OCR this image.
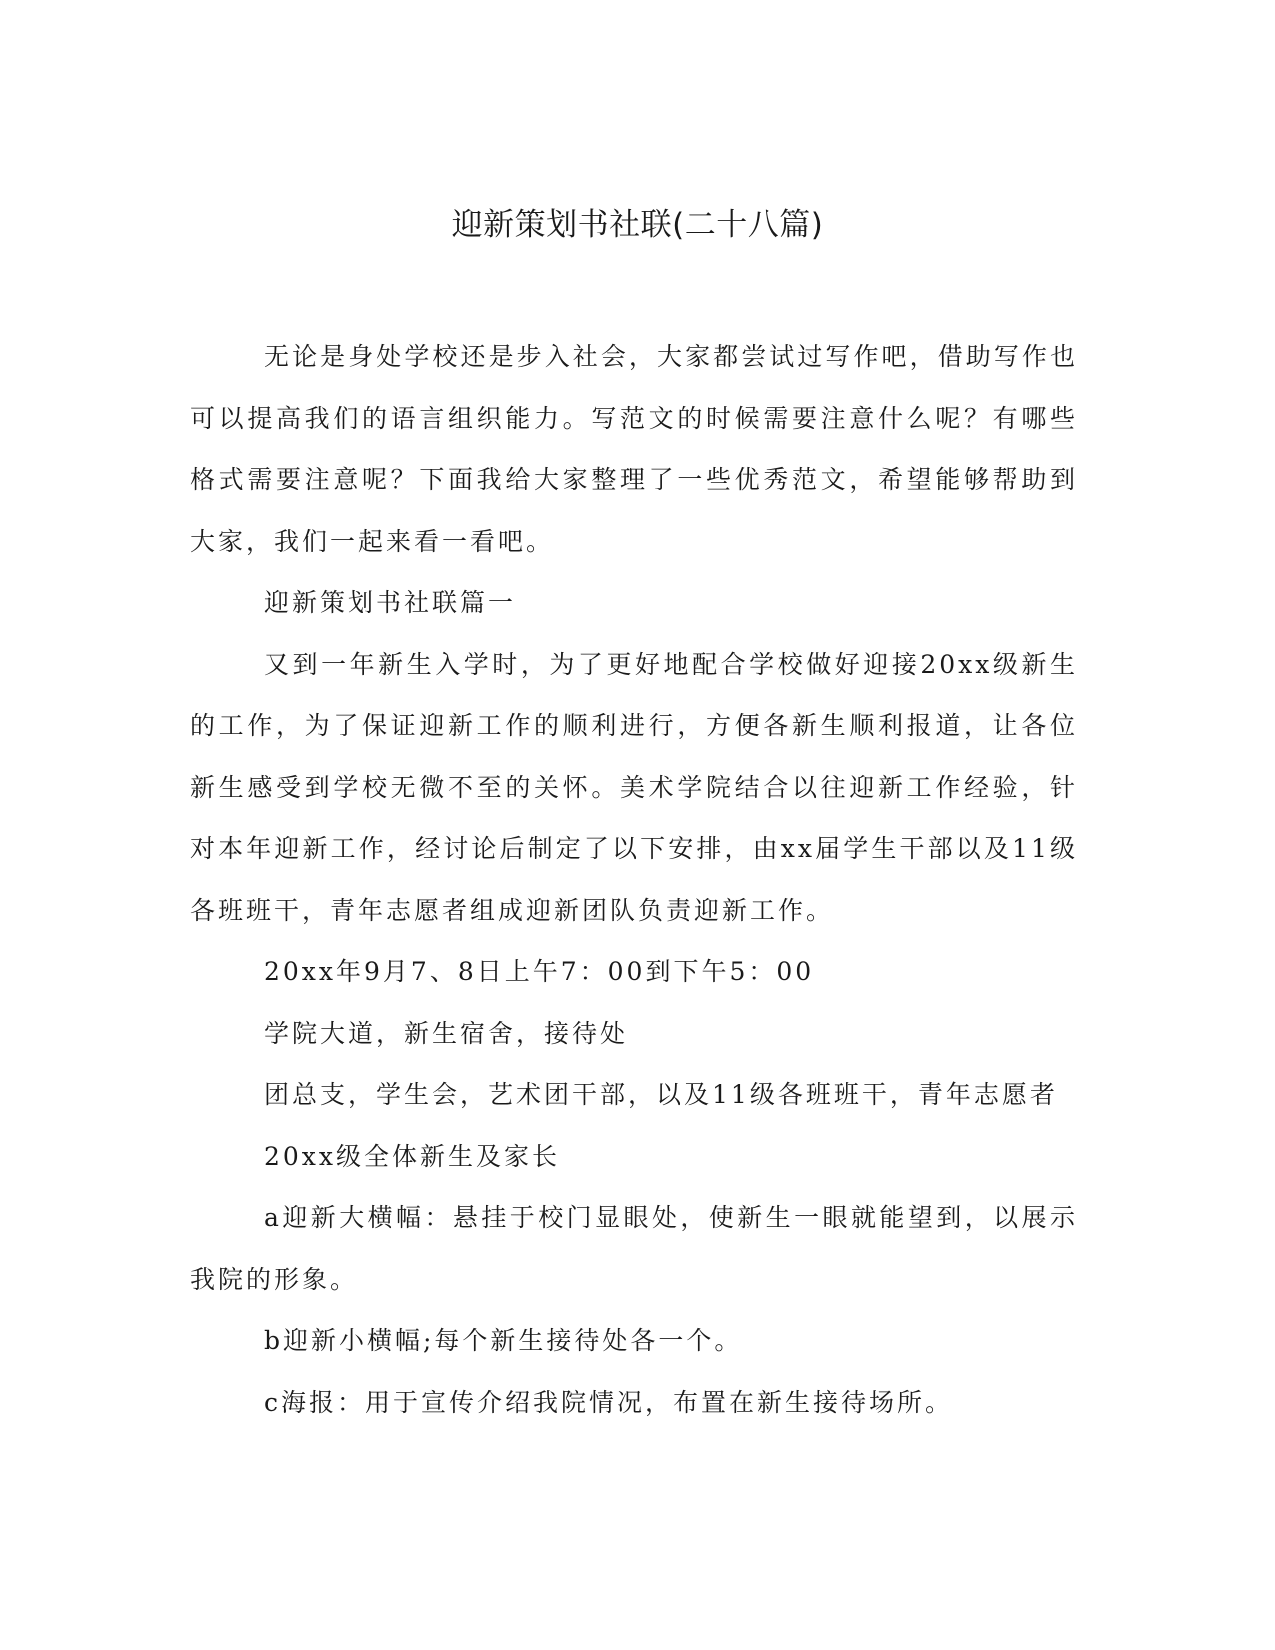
迎新策划书社联(二十八篇)

无论是身处学校还是步入社会，大家都尝试过写作吧，借助写作也可以提高我们的语言组织能力。写范文的时候需要注意什么呢？有哪些格式需要注意呢？下面我给大家整理了一些优秀范文，希望能够帮助到大家，我们一起来看一看吧。

迎新策划书社联篇一

又到一年新生入学时，为了更好地配合学校做好迎接20xx级新生的工作，为了保证迎新工作的顺利进行，方便各新生顺利报道，让各位新生感受到学校无微不至的关怀。美术学院结合以往迎新工作经验，针对本年迎新工作，经讨论后制定了以下安排，由xx届学生干部以及11级各班班干，青年志愿者组成迎新团队负责迎新工作。

20xx年9月7、8日上午7：00到下午5：00

学院大道，新生宿舍，接待处

团总支，学生会，艺术团干部，以及11级各班班干，青年志愿者

20xx级全体新生及家长

a迎新大横幅：悬挂于校门显眼处，使新生一眼就能望到，以展示我院的形象。

b迎新小横幅;每个新生接待处各一个。

c海报：用于宣传介绍我院情况，布置在新生接待场所。
